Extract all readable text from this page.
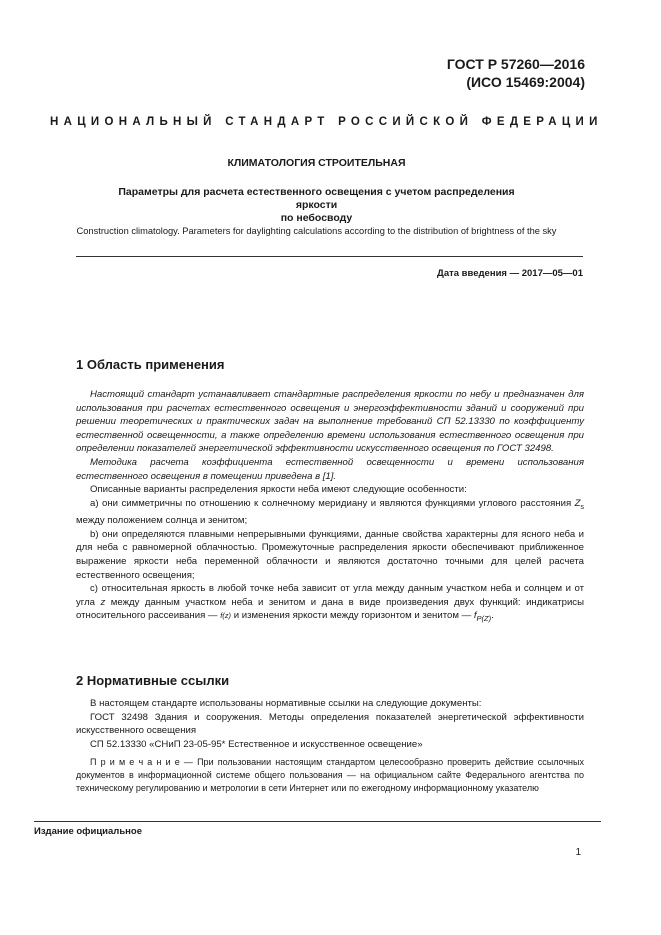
ГОСТ Р 57260—2016
(ИСО 15469:2004)
НАЦИОНАЛЬНЫЙ СТАНДАРТ РОССИЙСКОЙ ФЕДЕРАЦИИ
КЛИМАТОЛОГИЯ СТРОИТЕЛЬНАЯ
Параметры для расчета естественного освещения с учетом распределения яркости
по небосводу
Construction climatology. Parameters for daylighting calculations according to the distribution of brightness of the sky
Дата введения — 2017—05—01
1 Область применения

Настоящий стандарт устанавливает стандартные распределения яркости по небу и предназначен для использования при расчетах естественного освещения и энергоэффективности зданий и сооружений при решении теоретических и практических задач на выполнение требований СП 52.13330 по коэффициенту естественной освещенности, а также определению времени использования естественного освещения при определении показателей энергетической эффективности искусственного освещения по ГОСТ 32498.

Методика расчета коэффициента естественной освещенности и времени использования естественного освещения в помещении приведена в [1].

Описанные варианты распределения яркости неба имеют следующие особенности:

а) они симметричны по отношению к солнечному меридиану и являются функциями углового расстояния $Z_s$ между положением солнца и зенитом;

b) они определяются плавными непрерывными функциями, данные свойства характерны для ясного неба и для неба с равномерной облачностью. Промежуточные распределения яркости обеспечивают приближенное выражение яркости неба переменной облачности и являются достаточно точными для целей расчета естественного освещения;

с) относительная яркость в любой точке неба зависит от угла между данным участком неба и солнцем и от угла z между данным участком неба и зенитом и дана в виде произведения двух функций: индикатрисы относительного рассеивания — f(z) и изменения яркости между горизонтом и зенитом — $f_{P(Z)}$.

2 Нормативные ссылки

В настоящем стандарте использованы нормативные ссылки на следующие документы:

ГОСТ 32498 Здания и сооружения. Методы определения показателей энергетической эффективности искусственного освещения

СП 52.13330 «СНиП 23-05-95* Естественное и искусственное освещение»

П р и м е ч а н и е — При пользовании настоящим стандартом целесообразно проверить действие ссылочных документов в информационной системе общего пользования — на официальном сайте Федерального агентства по техническому регулированию и метрологии в сети Интернет или по ежегодному информационному указателю

Издание официальное
1
